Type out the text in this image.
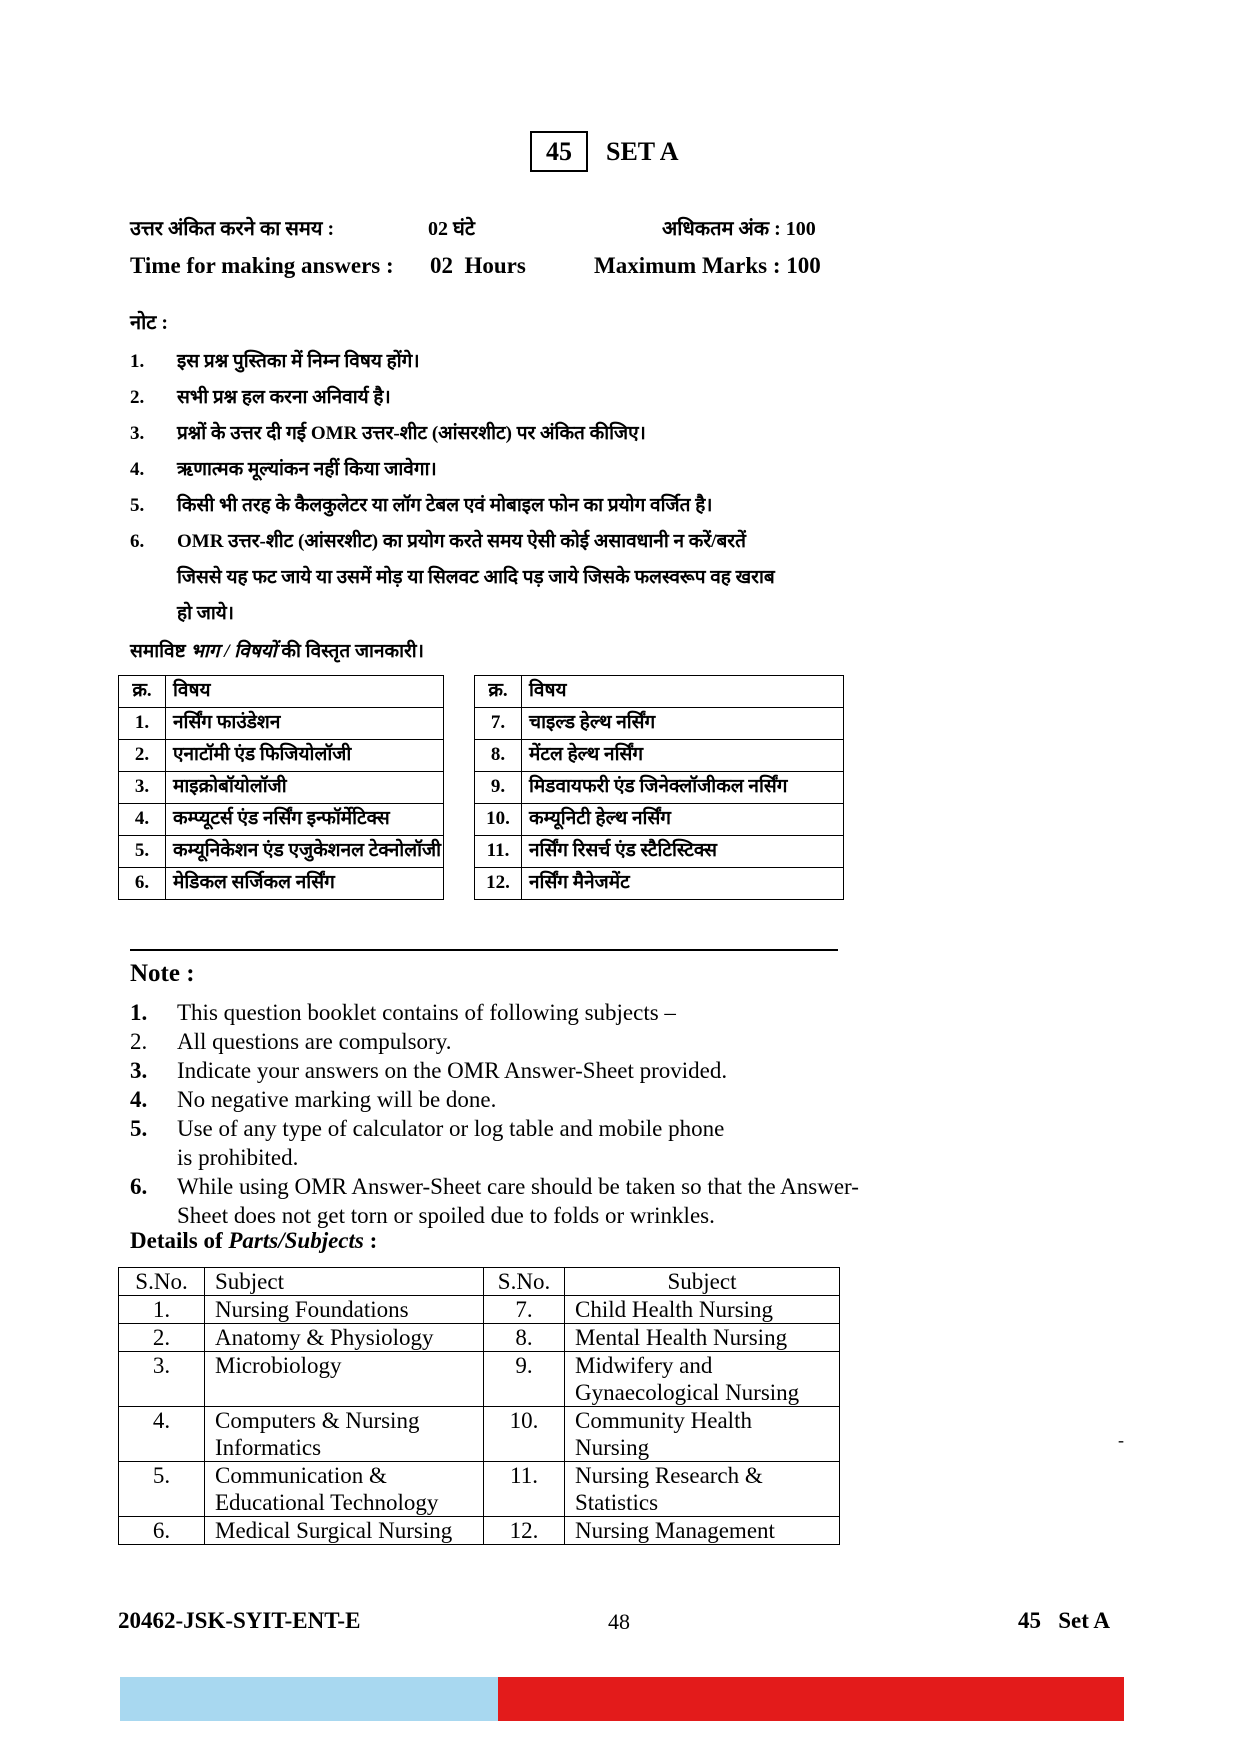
45 SET A
उत्तर अंकित करने का समय :	02 घंटे	अधिकतम अंक : 100
Time for making answers : 02  Hours	Maximum Marks : 100
नोट :
1. इस प्रश्न पुस्तिका में निम्न विषय होंगे।
2. सभी प्रश्न हल करना अनिवार्य है।
3. प्रश्नों के उत्तर दी गई OMR उत्तर-शीट (आंसरशीट) पर अंकित कीजिए।
4. ऋणात्मक मूल्यांकन नहीं किया जावेगा।
5. किसी भी तरह के कैलकुलेटर या लॉग टेबल एवं मोबाइल फोन का प्रयोग वर्जित है।
6. OMR उत्तर-शीट (आंसरशीट) का प्रयोग करते समय ऐसी कोई असावधानी न करें/बरतें जिससे यह फट जाये या उसमें मोड़ या सिलवट आदि पड़ जाये जिसके फलस्वरूप वह खराब हो जाये।
समाविष्ट भाग / विषयों की विस्तृत जानकारी।
क्र.	विषय		क्र.	विषय
1.	नर्सिंग फाउंडेशन		7.	चाइल्ड हेल्थ नर्सिंग
2.	एनाटॉमी एंड फिजियोलॉजी		8.	मेंटल हेल्थ नर्सिंग
3.	माइक्रोबॉयोलॉजी		9.	मिडवायफरी एंड जिनेक्लॉजीकल नर्सिंग
4.	कम्प्यूटर्स एंड नर्सिंग इन्फॉर्मेटिक्स		10.	कम्यूनिटी हेल्थ नर्सिंग
5.	कम्यूनिकेशन एंड एजुकेशनल टेक्नोलॉजी		11.	नर्सिंग रिसर्च एंड स्टैटिस्टिक्स
6.	मेडिकल सर्जिकल नर्सिंग		12.	नर्सिंग मैनेजमेंट
Note :
1. This question booklet contains of following subjects –
2. All questions are compulsory.
3. Indicate your answers on the OMR Answer-Sheet provided.
4. No negative marking will be done.
5. Use of any type of calculator or log table and mobile phone is prohibited.
6. While using OMR Answer-Sheet care should be taken so that the Answer-Sheet does not get torn or spoiled due to folds or wrinkles.
Details of Parts/Subjects :
S.No.	Subject	S.No.	Subject
1.	Nursing Foundations	7.	Child Health Nursing
2.	Anatomy & Physiology	8.	Mental Health Nursing
3.	Microbiology	9.	Midwifery and Gynaecological Nursing
4.	Computers & Nursing Informatics	10.	Community Health Nursing
5.	Communication & Educational Technology	11.	Nursing Research & Statistics
6.	Medical Surgical Nursing	12.	Nursing Management
-
20462-JSK-SYIT-ENT-E	48	45   Set A
